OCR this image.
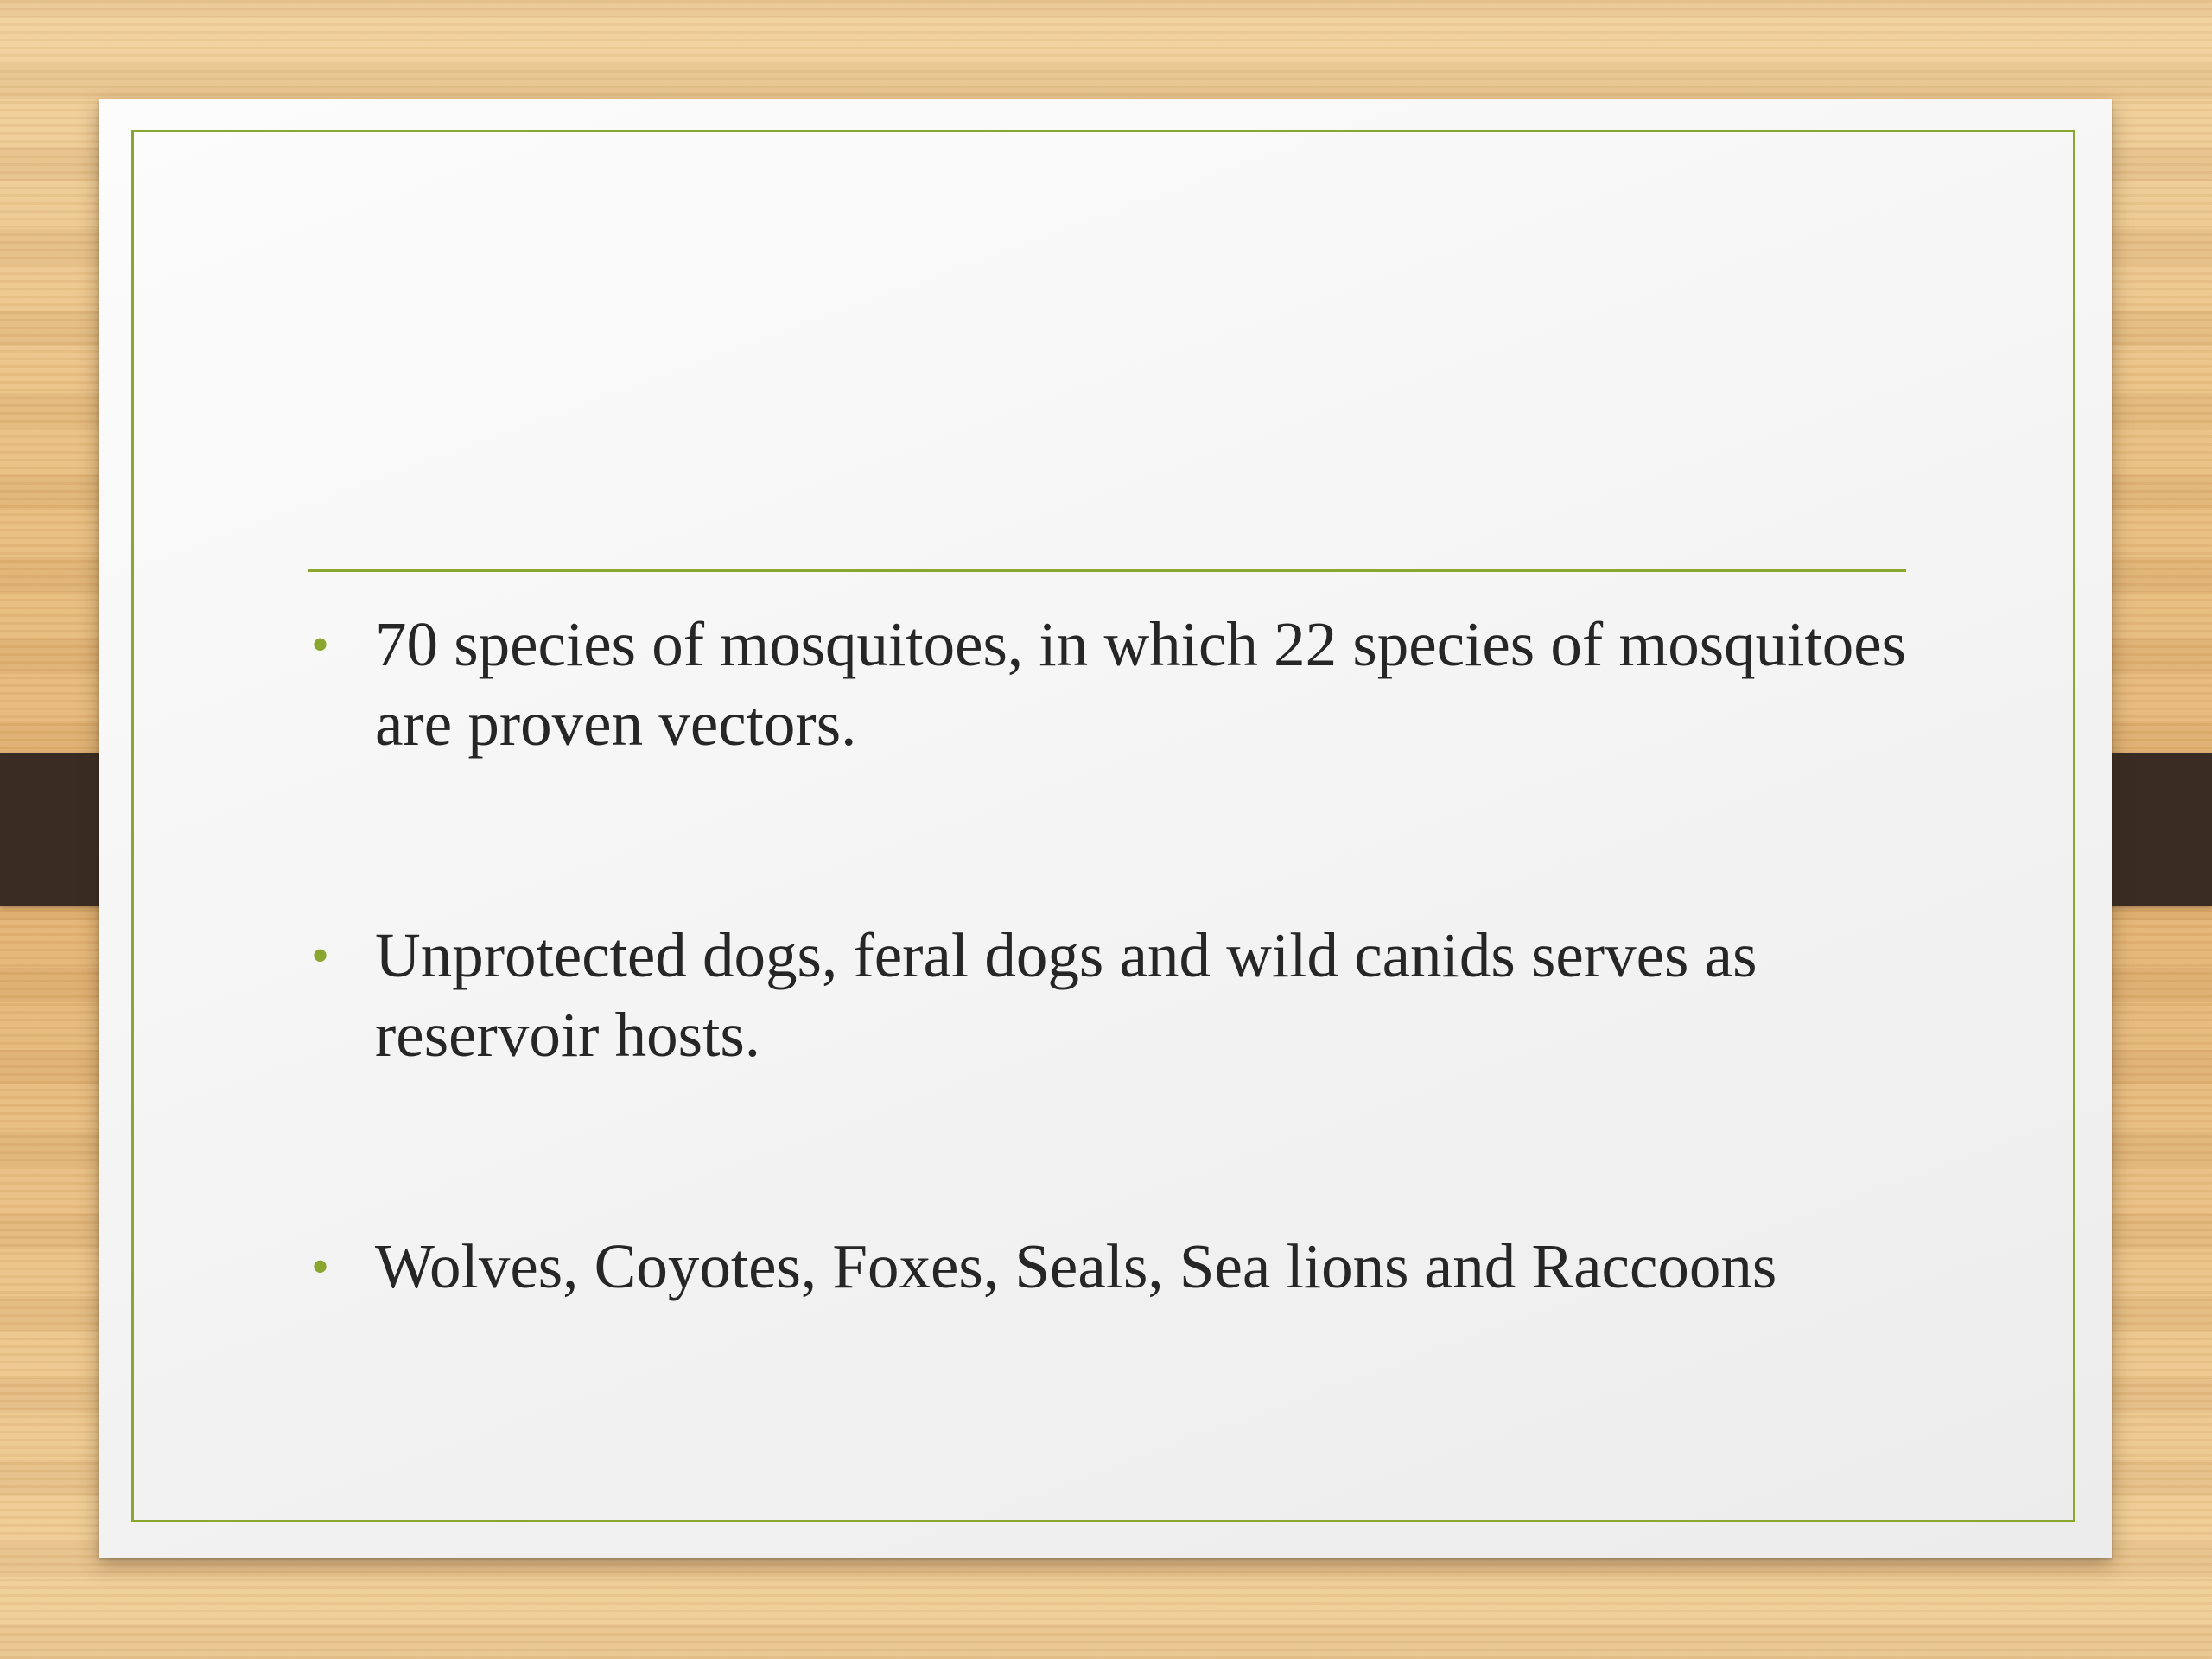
• 70 species of mosquitoes, in which 22 species of mosquitoes are proven vectors.
• Unprotected dogs, feral dogs and wild canids serves as reservoir hosts.
• Wolves, Coyotes, Foxes, Seals, Sea lions and Raccoons
